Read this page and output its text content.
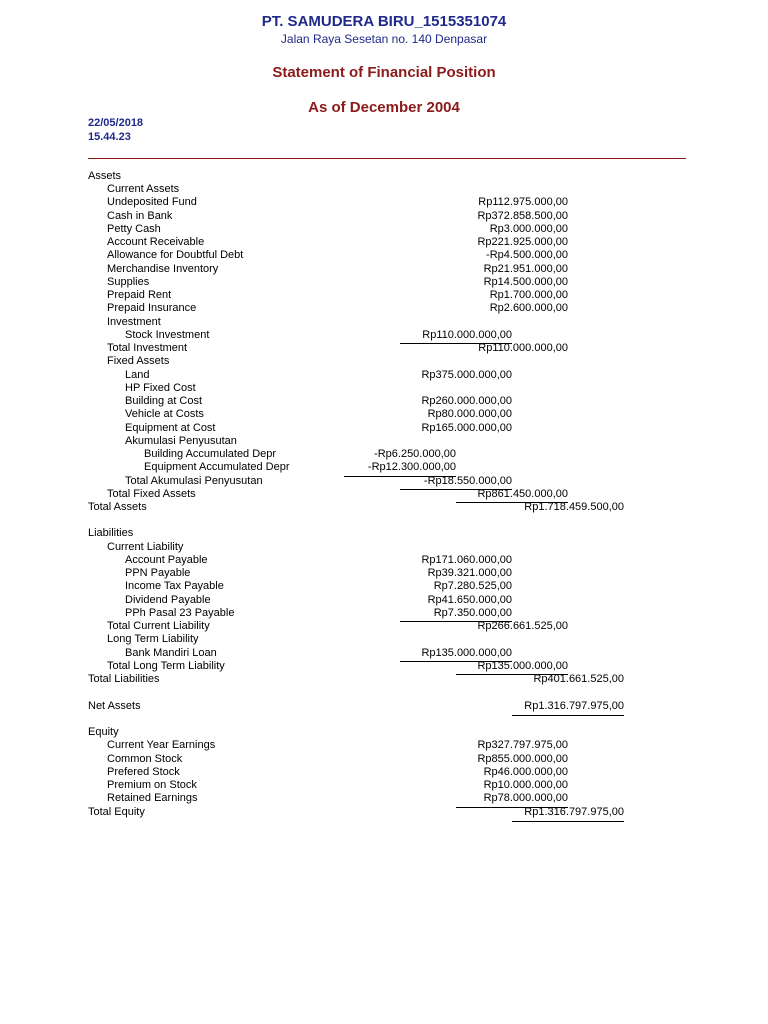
PT. SAMUDERA BIRU_1515351074
Jalan Raya Sesetan no. 140 Denpasar
Statement of Financial Position
As of December 2004
22/05/2018
15.44.23
Assets
Current Assets
Undeposited Fund	Rp112.975.000,00
Cash in Bank	Rp372.858.500,00
Petty Cash	Rp3.000.000,00
Account Receivable	Rp221.925.000,00
Allowance for Doubtful Debt	-Rp4.500.000,00
Merchandise Inventory	Rp21.951.000,00
Supplies	Rp14.500.000,00
Prepaid Rent	Rp1.700.000,00
Prepaid Insurance	Rp2.600.000,00
Investment
Stock Investment	Rp110.000.000,00
Total Investment	Rp110.000.000,00
Fixed Assets
Land	Rp375.000.000,00
HP Fixed Cost
Building at Cost	Rp260.000.000,00
Vehicle at Costs	Rp80.000.000,00
Equipment at Cost	Rp165.000.000,00
Akumulasi Penyusutan
Building Accumulated Depr	-Rp6.250.000,00
Equipment Accumulated Depr	-Rp12.300.000,00
Total Akumulasi Penyusutan	-Rp18.550.000,00
Total Fixed Assets	Rp861.450.000,00
Total Assets	Rp1.718.459.500,00
Liabilities
Current Liability
Account Payable	Rp171.060.000,00
PPN Payable	Rp39.321.000,00
Income Tax Payable	Rp7.280.525,00
Dividend Payable	Rp41.650.000,00
PPh Pasal 23 Payable	Rp7.350.000,00
Total Current Liability	Rp266.661.525,00
Long Term Liability
Bank Mandiri Loan	Rp135.000.000,00
Total Long Term Liability	Rp135.000.000,00
Total Liabilities	Rp401.661.525,00
Net Assets	Rp1.316.797.975,00
Equity
Current Year Earnings	Rp327.797.975,00
Common Stock	Rp855.000.000,00
Prefered Stock	Rp46.000.000,00
Premium on Stock	Rp10.000.000,00
Retained Earnings	Rp78.000.000,00
Total Equity	Rp1.316.797.975,00
